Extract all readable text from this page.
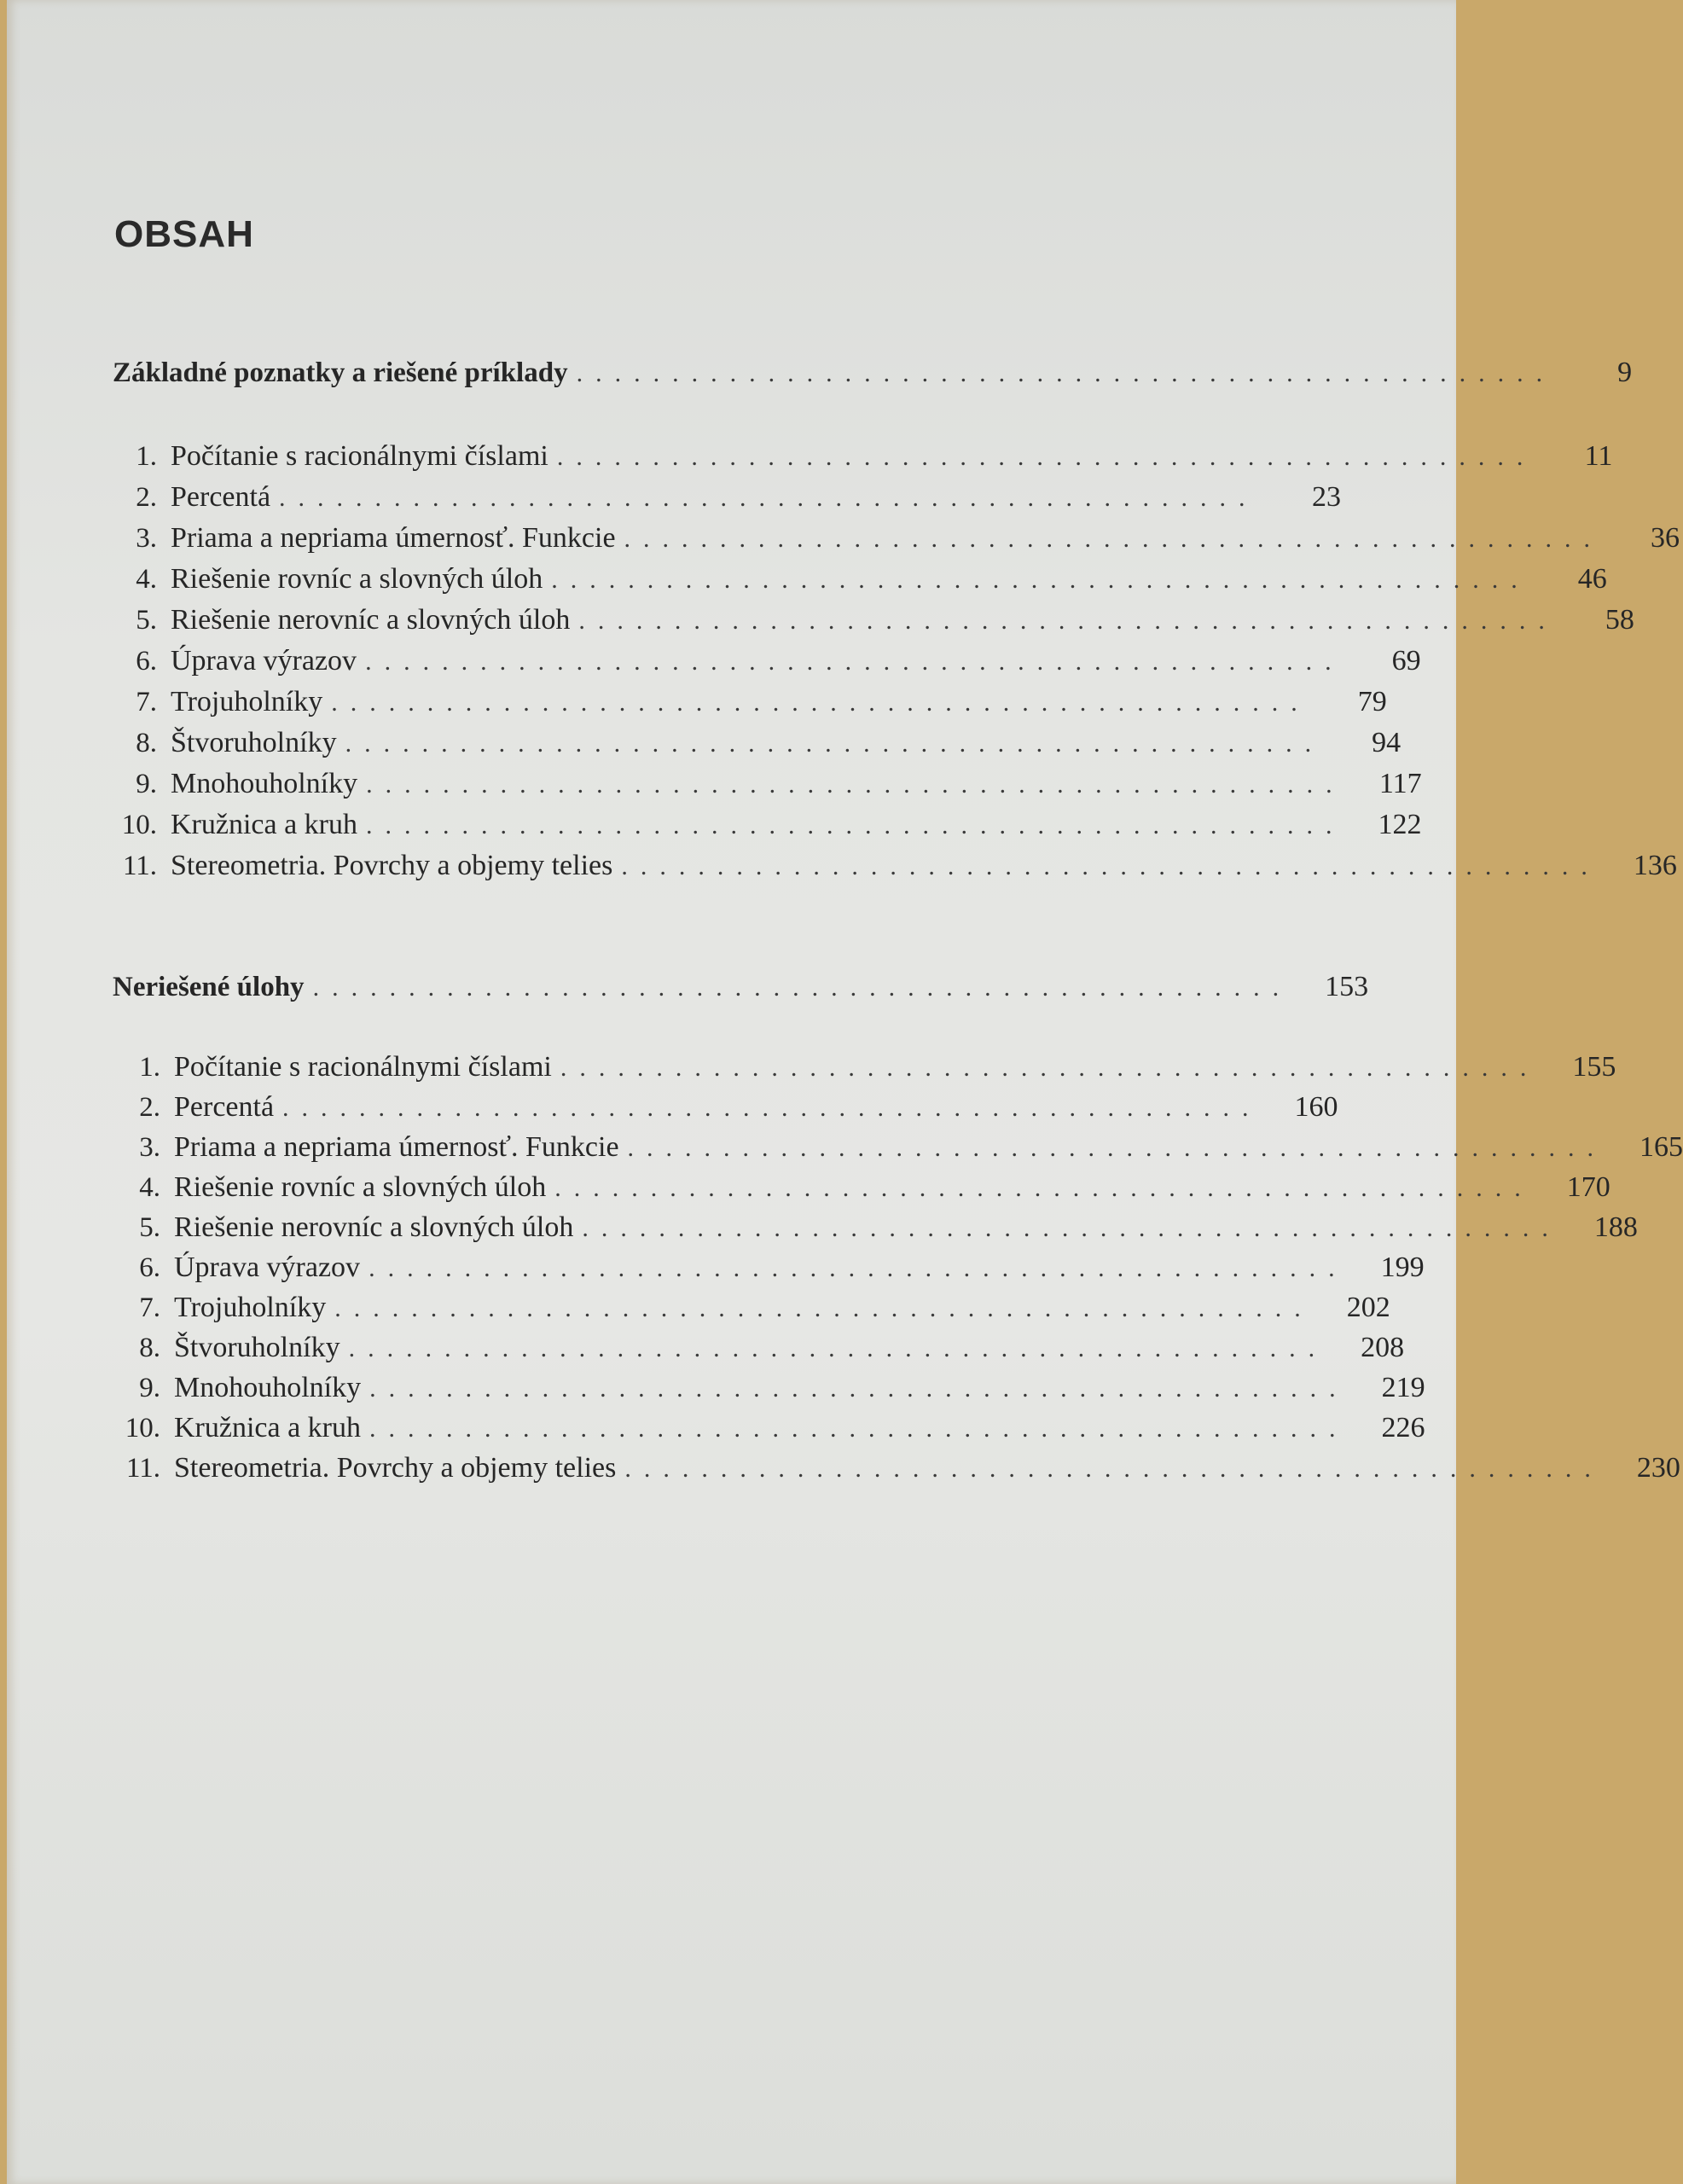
OBSAH
Základné poznatky a riešené príklady ...................................................	9
1. Počítanie s racionálnymi číslami ...................................................	11
2. Percentá ...................................................	23
3. Priama a nepriama úmernosť. Funkcie ...................................................	36
4. Riešenie rovníc a slovných úloh ...................................................	46
5. Riešenie nerovníc a slovných úloh ...................................................	58
6. Úprava výrazov ...................................................	69
7. Trojuholníky ...................................................	79
8. Štvoruholníky ...................................................	94
9. Mnohouholníky ...................................................	117
10. Kružnica a kruh ...................................................	122
11. Stereometria. Povrchy a objemy telies ...................................................	136
Neriešené úlohy ...................................................	153
1. Počítanie s racionálnymi číslami ...................................................	155
2. Percentá ...................................................	160
3. Priama a nepriama úmernosť. Funkcie ...................................................	165
4. Riešenie rovníc a slovných úloh ...................................................	170
5. Riešenie nerovníc a slovných úloh ...................................................	188
6. Úprava výrazov ...................................................	199
7. Trojuholníky ...................................................	202
8. Štvoruholníky ...................................................	208
9. Mnohouholníky ...................................................	219
10. Kružnica a kruh ...................................................	226
11. Stereometria. Povrchy a objemy telies ...................................................	230
